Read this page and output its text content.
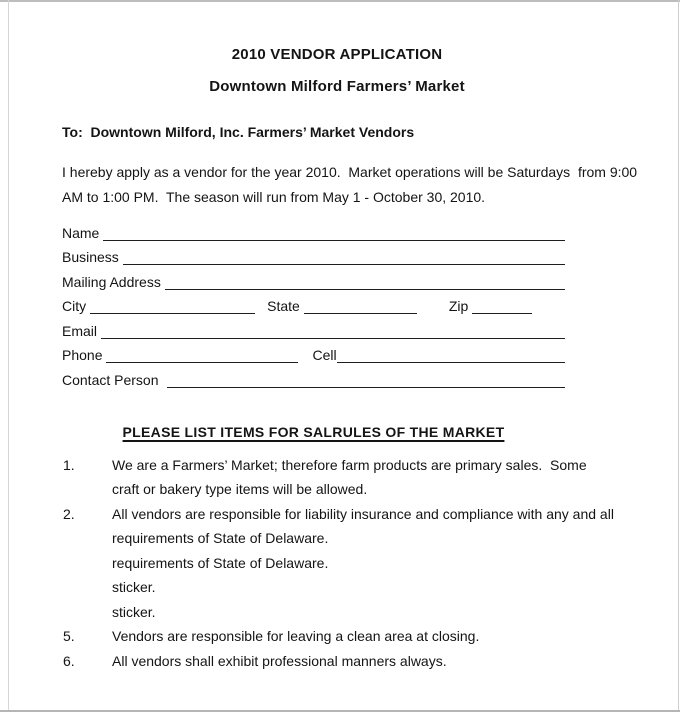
2010 VENDOR APPLICATION
Downtown Milford Farmers’ Market
To:  Downtown Milford, Inc. Farmers’ Market Vendors
I hereby apply as a vendor for the year 2010.  Market operations will be Saturdays  from 9:00
AM to 1:00 PM.  The season will run from May 1 - October 30, 2010.
Name
Business
Mailing Address
City	State	Zip
Email
Phone	Cell
Contact Person
PLEASE LIST ITEMS FOR SALRULES OF THE MARKET
1.	We are a Farmers’ Market; therefore farm products are primary sales.  Some
craft or bakery type items will be allowed.
2.	All vendors are responsible for liability insurance and compliance with any and all
requirements of State of Delaware.
requirements of State of Delaware.
sticker.
sticker.
5.	Vendors are responsible for leaving a clean area at closing.
6.	All vendors shall exhibit professional manners always.
